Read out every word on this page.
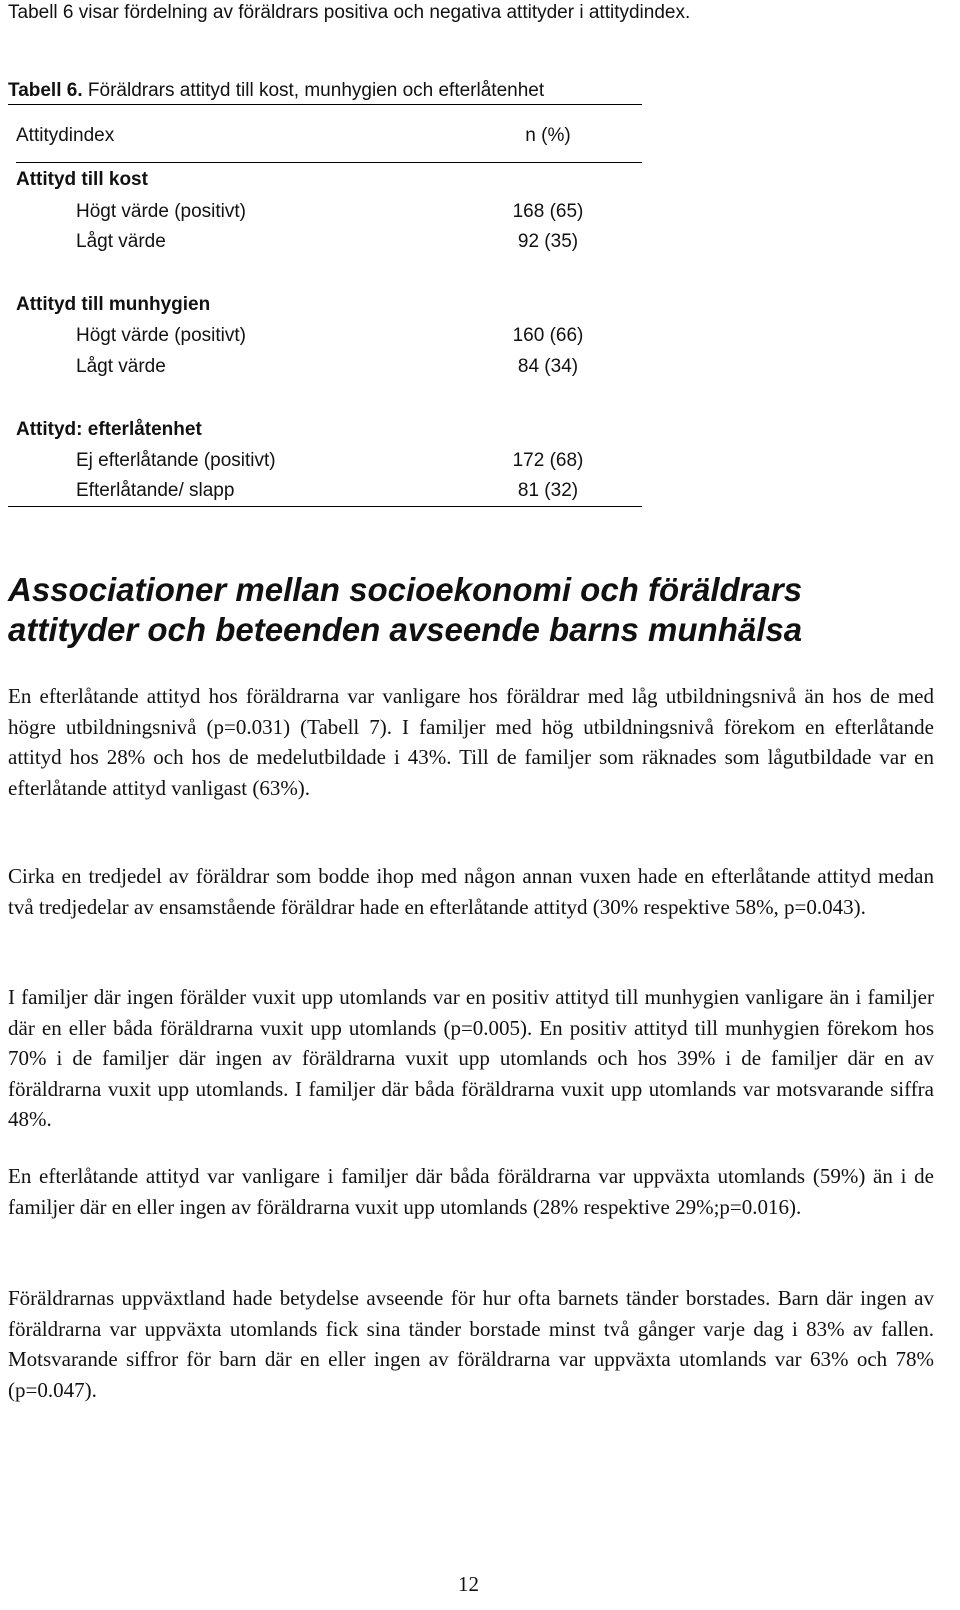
Tabell 6 visar fördelning av föräldrars positiva och negativa attityder i attitydindex.
Tabell 6. Föräldrars attityd till kost, munhygien och efterlåtenhet
Attitydindex	n (%)
Attityd till kost
Högt värde (positivt)	168 (65)
Lågt värde	92 (35)
Attityd till munhygien
Högt värde (positivt)	160 (66)
Lågt värde	84 (34)
Attityd: efterlåtenhet
Ej efterlåtande (positivt)	172 (68)
Efterlåtande/ slapp	81 (32)
Associationer mellan socioekonomi och föräldrars attityder och beteenden avseende barns munhälsa
En efterlåtande attityd hos föräldrarna var vanligare hos föräldrar med låg utbildningsnivå än hos de med högre utbildningsnivå (p=0.031) (Tabell 7). I familjer med hög utbildningsnivå förekom en efterlåtande attityd hos 28% och hos de medelutbildade i 43%. Till de familjer som räknades som lågutbildade var en efterlåtande attityd vanligast (63%).
Cirka en tredjedel av föräldrar som bodde ihop med någon annan vuxen hade en efterlåtande attityd medan två tredjedelar av ensamstående föräldrar hade en efterlåtande attityd (30% respektive 58%, p=0.043).
I familjer där ingen förälder vuxit upp utomlands var en positiv attityd till munhygien vanligare än i familjer där en eller båda föräldrarna vuxit upp utomlands (p=0.005). En positiv attityd till munhygien förekom hos 70% i de familjer där ingen av föräldrarna vuxit upp utomlands och hos 39% i de familjer där en av föräldrarna vuxit upp utomlands. I familjer där båda föräldrarna vuxit upp utomlands var motsvarande siffra 48%.
En efterlåtande attityd var vanligare i familjer där båda föräldrarna var uppväxta utomlands (59%) än i de familjer där en eller ingen av föräldrarna vuxit upp utomlands (28% respektive 29%;p=0.016).
Föräldrarnas uppväxtland hade betydelse avseende för hur ofta barnets tänder borstades. Barn där ingen av föräldrarna var uppväxta utomlands fick sina tänder borstade minst två gånger varje dag i 83% av fallen. Motsvarande siffror för barn där en eller ingen av föräldrarna var uppväxta utomlands var 63% och 78% (p=0.047).
12
